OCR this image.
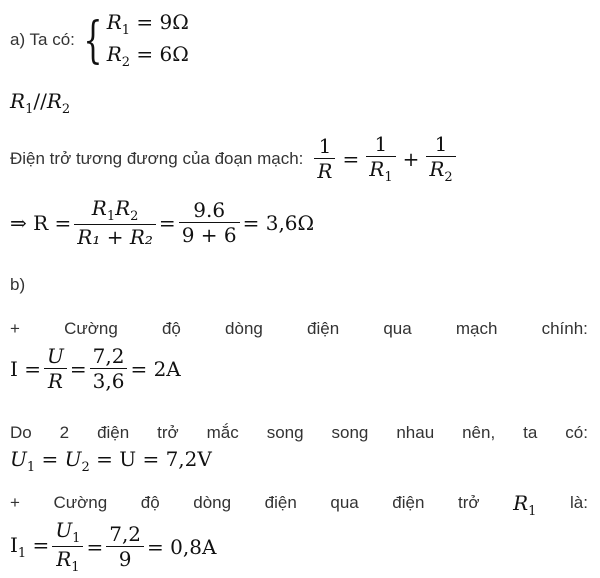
a) Ta có: { $R_1 = 9\Omega$
$R_2 = 6\Omega$
$R_1//R_2$
Điện trở tương đương của đoạn mạch: $\frac{1}{R} = \frac{1}{R_1} + \frac{1}{R_2}$
⇒ $R = \frac{R_1R_2}{\text{R₁ + R₂}} = \frac{9.6}{9 + 6} = 3,6\Omega$
b)
+	Cường	độ	dòng	điện	qua	mạch	chính:
$I = \frac{U}{R} = \frac{7,2}{3,6} = 2A$
Do 2 điện trở mắc song song nhau nên, ta có:
$U_1 = U_2 = U = 7,2V$
+ Cường độ dòng điện qua điện trở $R_1$ là:
$I_1 = \frac{U_1}{R_1} = \frac{7,2}{9} = 0,8A$
